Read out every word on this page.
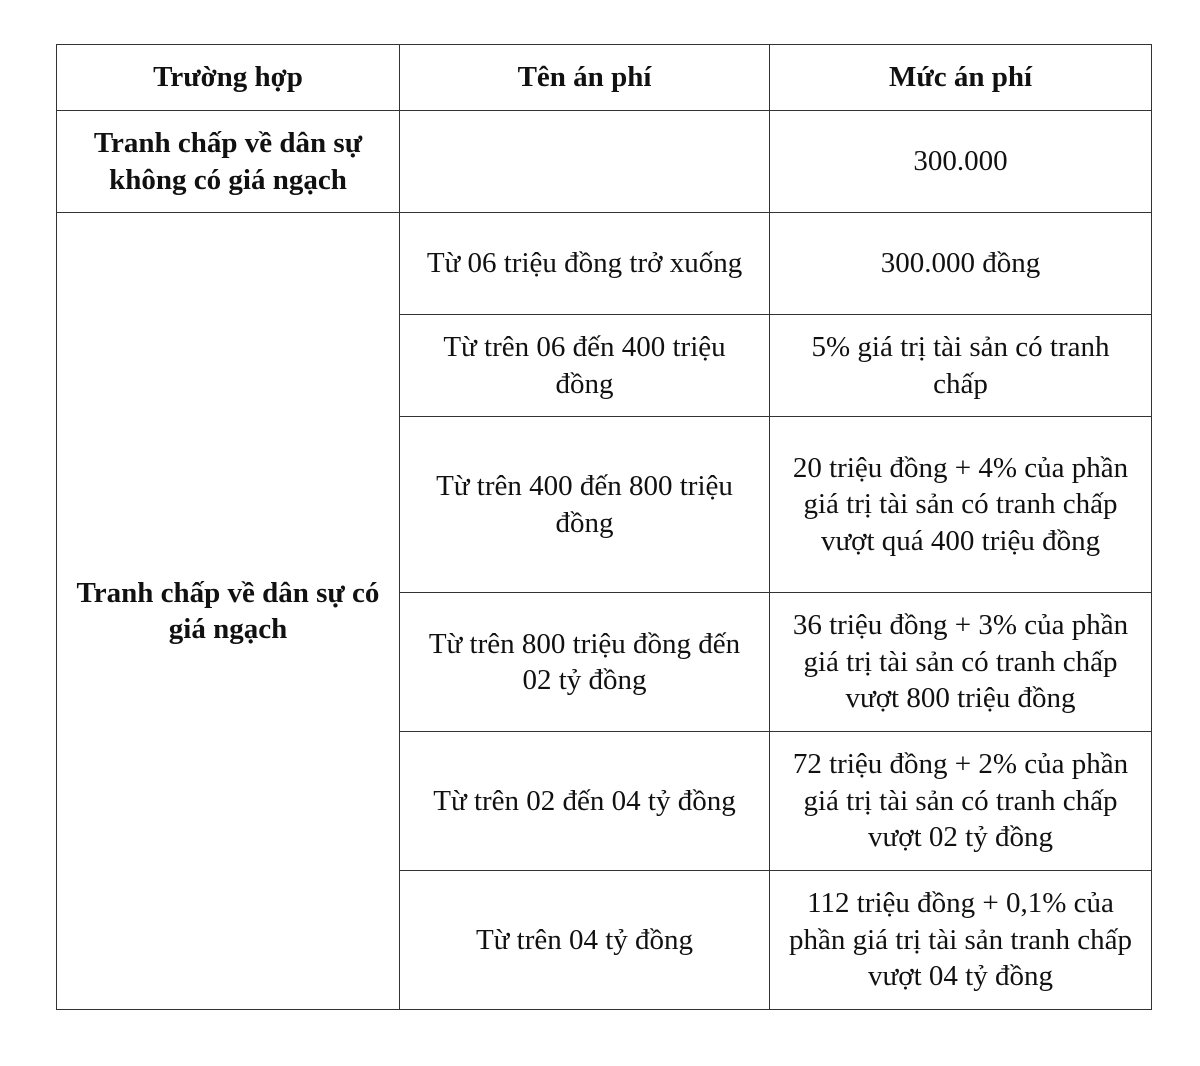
Trường hợp	Tên án phí	Mức án phí
Tranh chấp về dân sự không có giá ngạch		300.000
Tranh chấp về dân sự có giá ngạch	Từ 06 triệu đồng trở xuống	300.000 đồng
	Từ trên 06 đến 400 triệu đồng	5% giá trị tài sản có tranh chấp
	Từ trên 400 đến 800 triệu đồng	20 triệu đồng + 4% của phần giá trị tài sản có tranh chấp vượt quá 400 triệu đồng
	Từ trên 800 triệu đồng đến 02 tỷ đồng	36 triệu đồng + 3% của phần giá trị tài sản có tranh chấp vượt 800 triệu đồng
	Từ trên 02 đến 04 tỷ đồng	72 triệu đồng + 2% của phần giá trị tài sản có tranh chấp vượt 02 tỷ đồng
	Từ trên 04 tỷ đồng	112 triệu đồng + 0,1% của phần giá trị tài sản tranh chấp vượt 04 tỷ đồng
